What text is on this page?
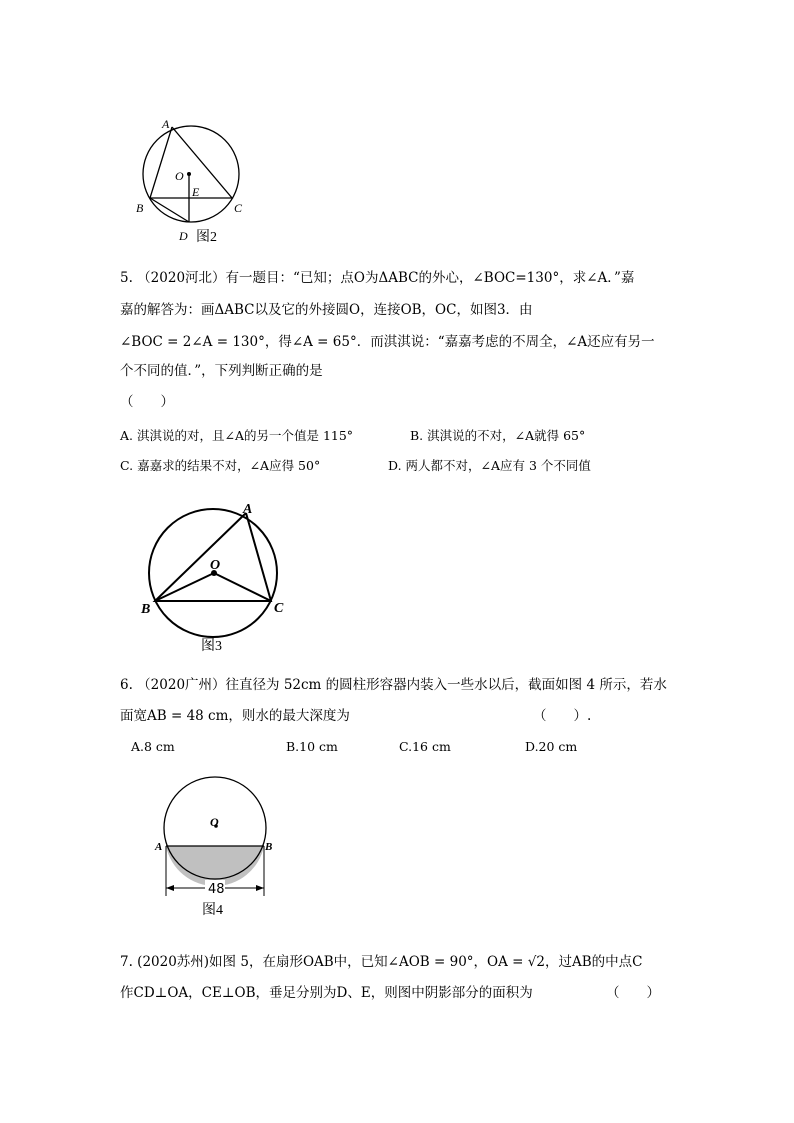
A
O
E
B	C
D 图2
5. （2020河北）有一题目：“已知；点O为ΔABC的外心，∠BOC=130°，求∠A．”嘉
嘉的解答为：画ΔABC以及它的外接圆O，连接OB，OC，如图3．由
∠BOC = 2∠A = 130°，得∠A = 65°．而淇淇说：“嘉嘉考虑的不周全，∠A还应有另一
个不同的值．”，下列判断正确的是
（　　）
A. 淇淇说的对，且∠A的另一个值是 115°	B. 淇淇说的不对，∠A就得 65°
C. 嘉嘉求的结果不对，∠A应得 50°	D. 两人都不对，∠A应有 3 个不同值
A
O
B	C
图3
6. （2020广州）往直径为 52cm 的圆柱形容器内装入一些水以后，截面如图 4 所示，若水
面宽AB = 48 cm，则水的最大深度为	（　　）.
A.8 cm	B.10 cm	C.16 cm	D.20 cm
48
O
A	B
图4
7. (2020苏州)如图 5，在扇形OAB中，已知∠AOB = 90°，OA = √2，过AB的中点C
作CD⊥OA，CE⊥OB，垂足分别为D、E，则图中阴影部分的面积为	（　　）
